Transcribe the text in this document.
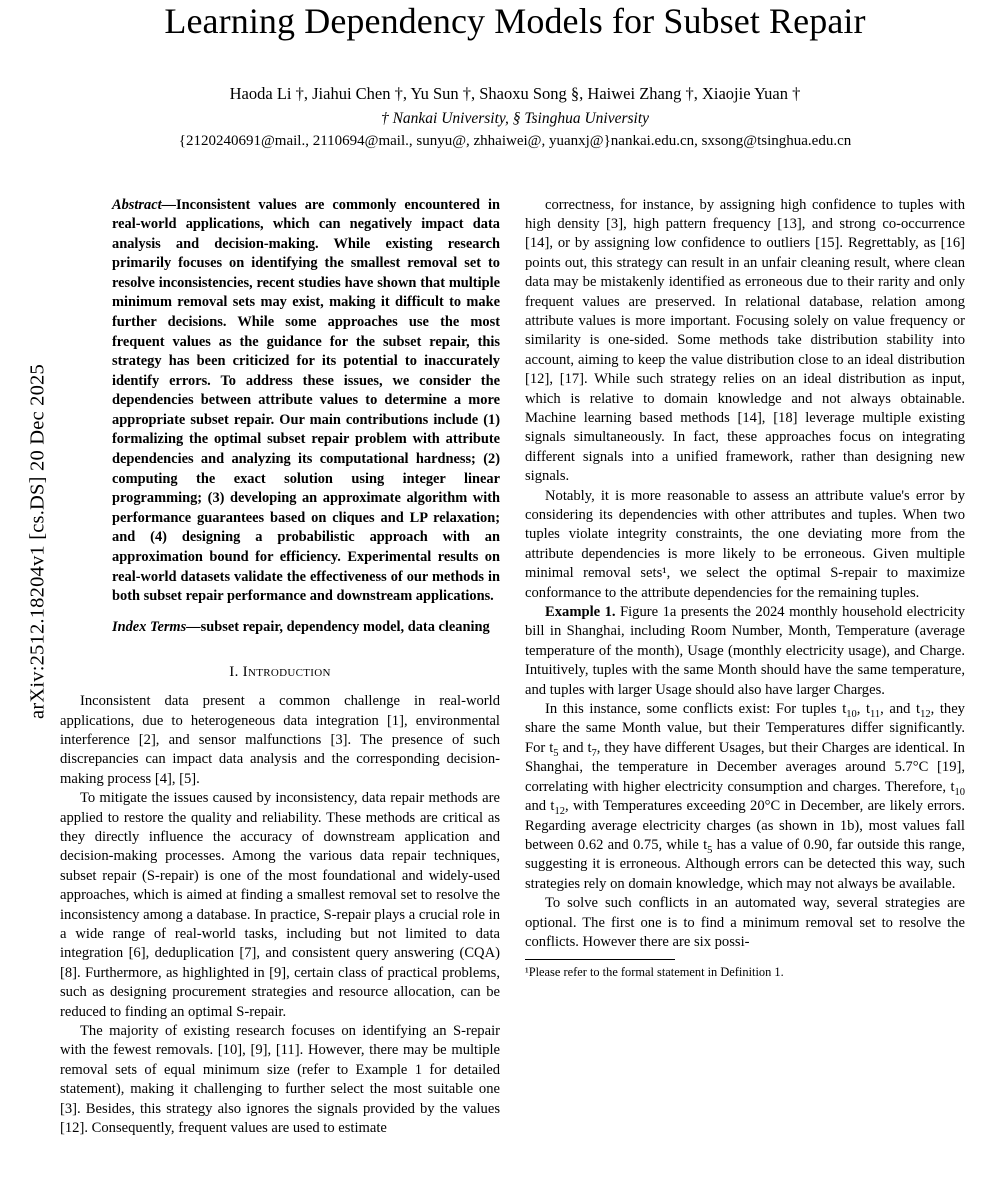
arXiv:2512.18204v1 [cs.DS] 20 Dec 2025
Learning Dependency Models for Subset Repair
Haoda Li †, Jiahui Chen †, Yu Sun †, Shaoxu Song §, Haiwei Zhang †, Xiaojie Yuan †
† Nankai University, § Tsinghua University
{2120240691@mail., 2110694@mail., sunyu@, zhhaiwei@, yuanxj@}nankai.edu.cn, sxsong@tsinghua.edu.cn
Abstract—Inconsistent values are commonly encountered in real-world applications, which can negatively impact data analysis and decision-making. While existing research primarily focuses on identifying the smallest removal set to resolve inconsistencies, recent studies have shown that multiple minimum removal sets may exist, making it difficult to make further decisions. While some approaches use the most frequent values as the guidance for the subset repair, this strategy has been criticized for its potential to inaccurately identify errors. To address these issues, we consider the dependencies between attribute values to determine a more appropriate subset repair. Our main contributions include (1) formalizing the optimal subset repair problem with attribute dependencies and analyzing its computational hardness; (2) computing the exact solution using integer linear programming; (3) developing an approximate algorithm with performance guarantees based on cliques and LP relaxation; and (4) designing a probabilistic approach with an approximation bound for efficiency. Experimental results on real-world datasets validate the effectiveness of our methods in both subset repair performance and downstream applications.
Index Terms—subset repair, dependency model, data cleaning
I. Introduction

Inconsistent data present a common challenge in real-world applications, due to heterogeneous data integration [1], environmental interference [2], and sensor malfunctions [3]. The presence of such discrepancies can impact data analysis and the corresponding decision-making process [4], [5].

To mitigate the issues caused by inconsistency, data repair methods are applied to restore the quality and reliability. These methods are critical as they directly influence the accuracy of downstream application and decision-making processes. Among the various data repair techniques, subset repair (S-repair) is one of the most foundational and widely-used approaches, which is aimed at finding a smallest removal set to resolve the inconsistency among a database. In practice, S-repair plays a crucial role in a wide range of real-world tasks, including but not limited to data integration [6], deduplication [7], and consistent query answering (CQA) [8]. Furthermore, as highlighted in [9], certain class of practical problems, such as designing procurement strategies and resource allocation, can be reduced to finding an optimal S-repair.

The majority of existing research focuses on identifying an S-repair with the fewest removals. [10], [9], [11]. However, there may be multiple removal sets of equal minimum size (refer to Example 1 for detailed statement), making it challenging to further select the most suitable one [3]. Besides, this strategy also ignores the signals provided by the values [12]. Consequently, frequent values are used to estimate

correctness, for instance, by assigning high confidence to tuples with high density [3], high pattern frequency [13], and strong co-occurrence [14], or by assigning low confidence to outliers [15]. Regrettably, as [16] points out, this strategy can result in an unfair cleaning result, where clean data may be mistakenly identified as erroneous due to their rarity and only frequent values are preserved. In relational database, relation among attribute values is more important. Focusing solely on value frequency or similarity is one-sided. Some methods take distribution stability into account, aiming to keep the value distribution close to an ideal distribution [12], [17]. While such strategy relies on an ideal distribution as input, which is relative to domain knowledge and not always obtainable. Machine learning based methods [14], [18] leverage multiple existing signals simultaneously. In fact, these approaches focus on integrating different signals into a unified framework, rather than designing new signals.

Notably, it is more reasonable to assess an attribute value's error by considering its dependencies with other attributes and tuples. When two tuples violate integrity constraints, the one deviating more from the attribute dependencies is more likely to be erroneous. Given multiple minimal removal sets¹, we select the optimal S-repair to maximize conformance to the attribute dependencies for the remaining tuples.

Example 1. Figure 1a presents the 2024 monthly household electricity bill in Shanghai, including Room Number, Month, Temperature (average temperature of the month), Usage (monthly electricity usage), and Charge. Intuitively, tuples with the same Month should have the same temperature, and tuples with larger Usage should also have larger Charges.

In this instance, some conflicts exist: For tuples $t_{10}$, $t_{11}$, and $t_{12}$, they share the same Month value, but their Temperatures differ significantly. For $t_5$ and $t_7$, they have different Usages, but their Charges are identical. In Shanghai, the temperature in December averages around 5.7°C [19], correlating with higher electricity consumption and charges. Therefore, $t_{10}$ and $t_{12}$, with Temperatures exceeding 20°C in December, are likely errors. Regarding average electricity charges (as shown in 1b), most values fall between 0.62 and 0.75, while $t_5$ has a value of 0.90, far outside this range, suggesting it is erroneous. Although errors can be detected this way, such strategies rely on domain knowledge, which may not always be available.

To solve such conflicts in an automated way, several strategies are optional. The first one is to find a minimum removal set to resolve the conflicts. However there are six possi-

¹Please refer to the formal statement in Definition 1.
